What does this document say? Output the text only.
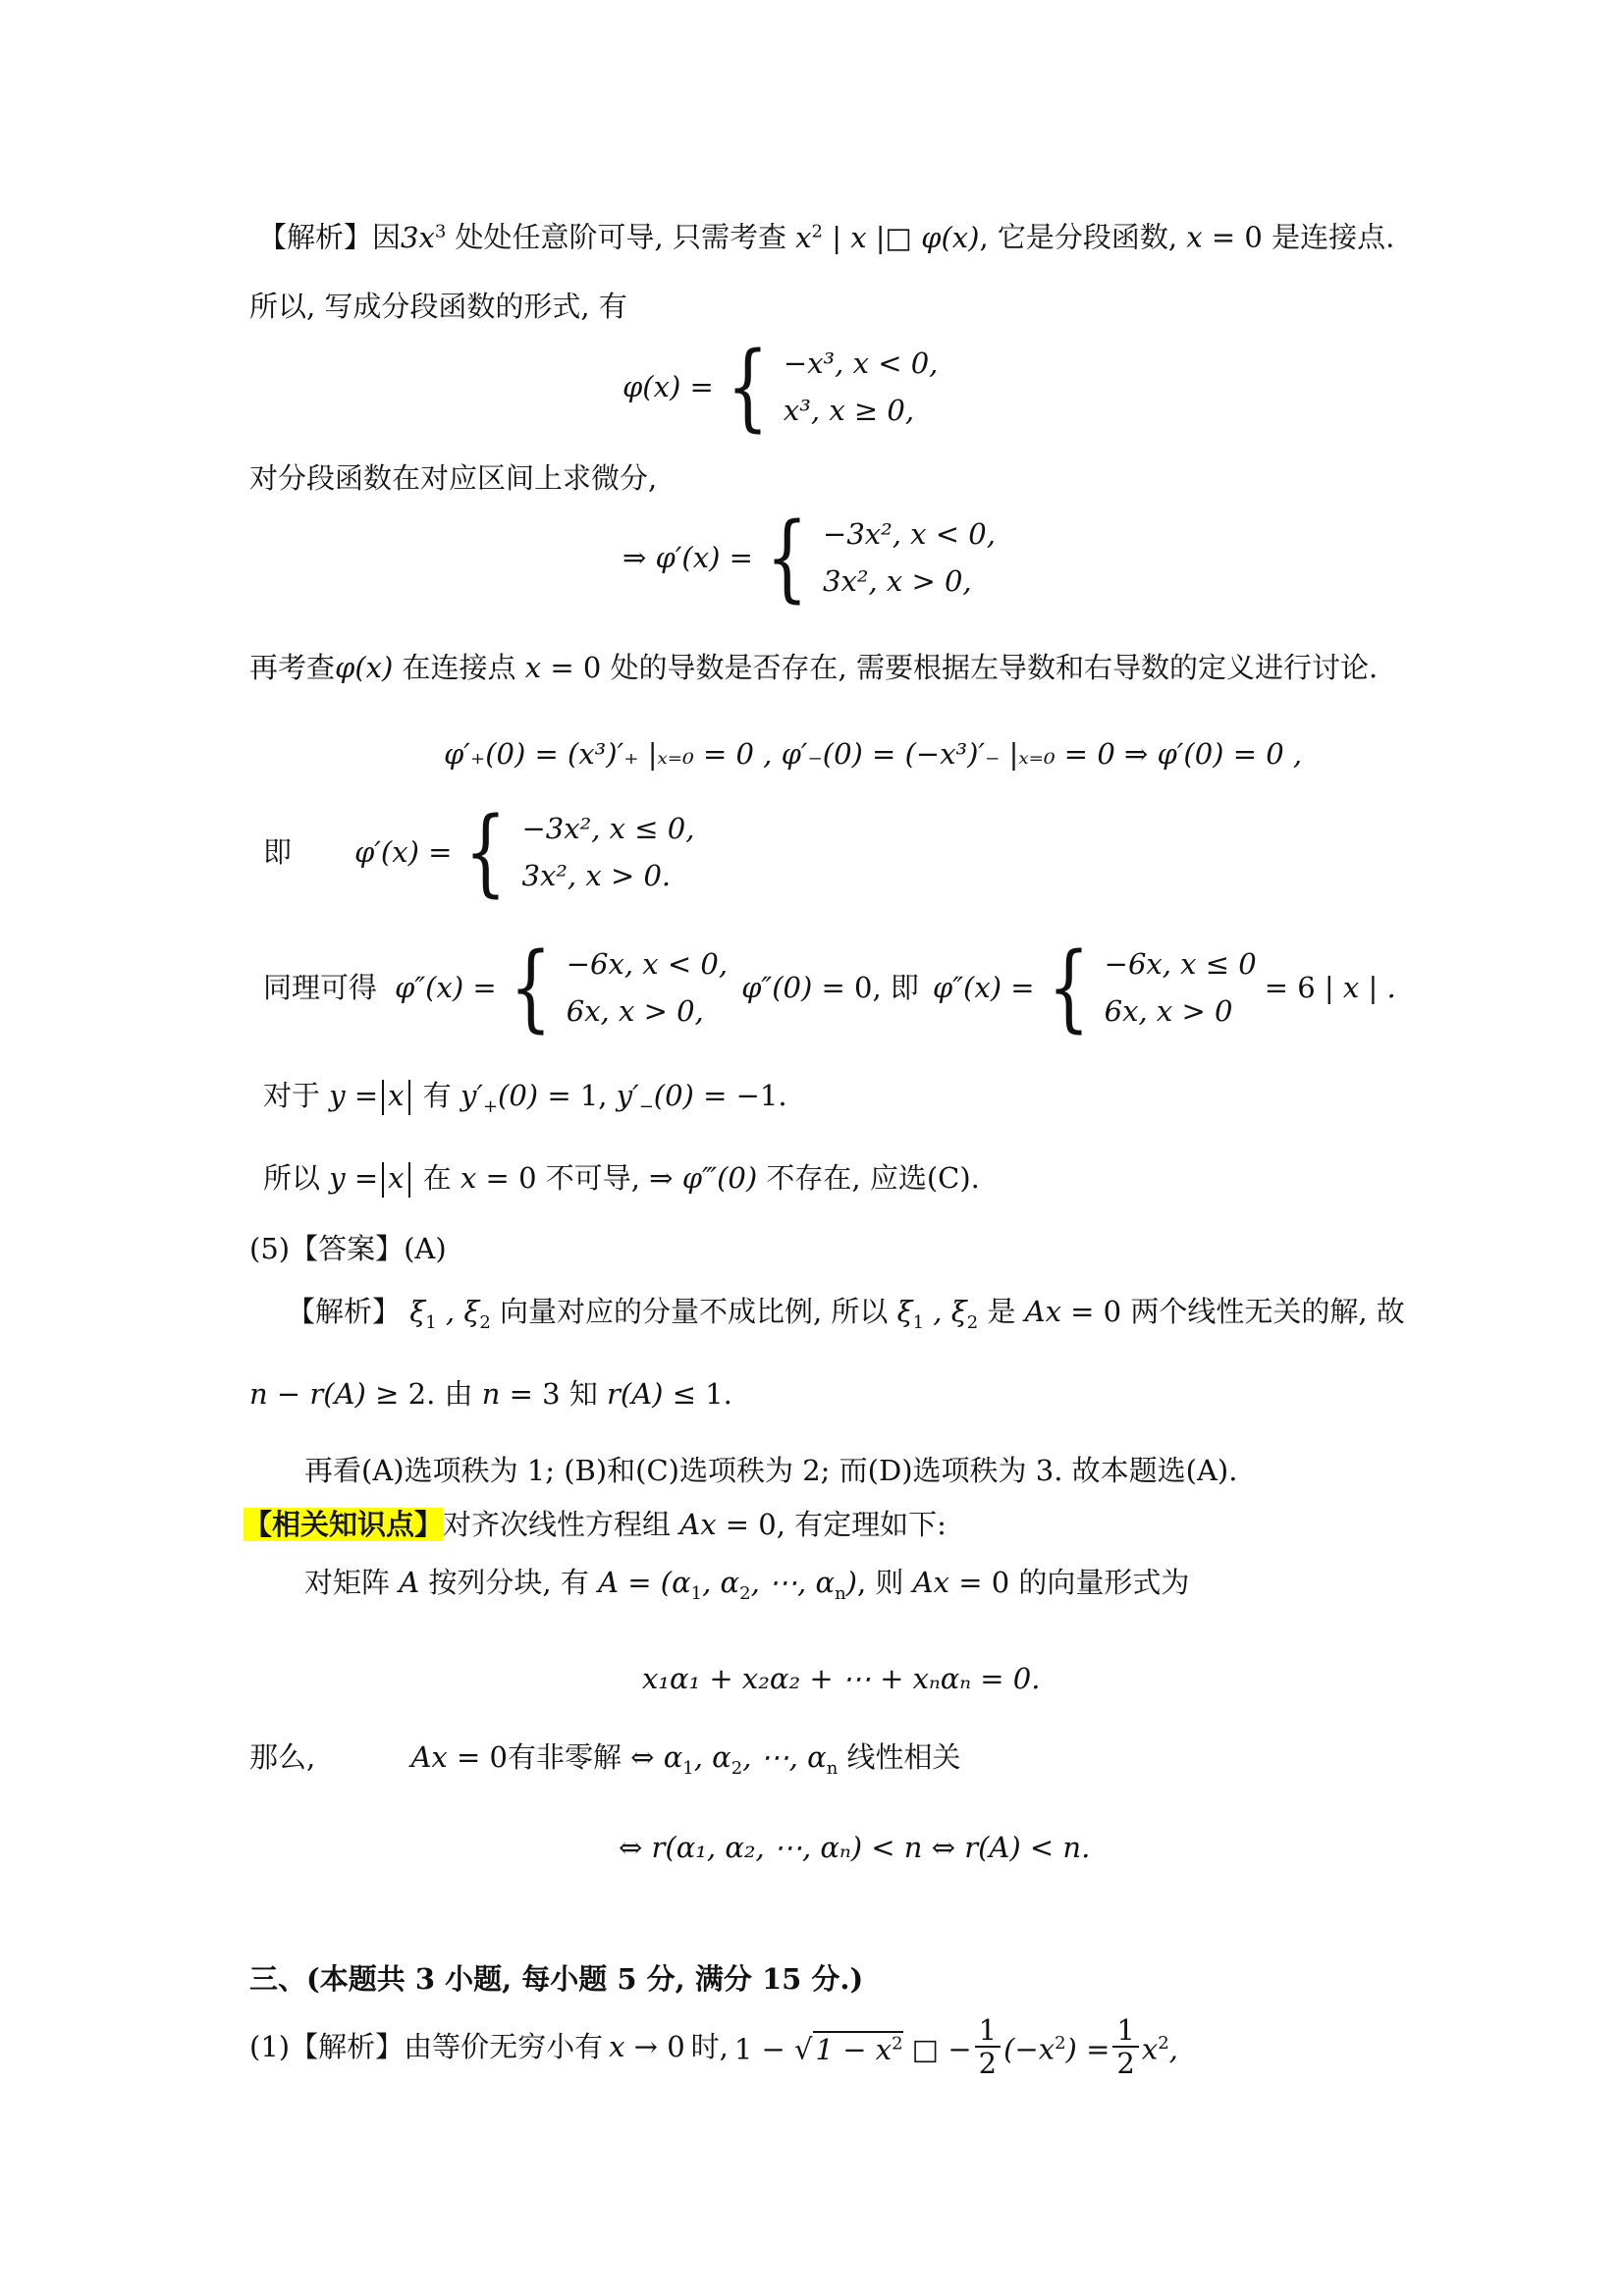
【解析】因$3x^3$ 处处任意阶可导, 只需考查 $x^2$ | x |□ φ(x), 它是分段函数, x = 0 是连接点.
所以, 写成分段函数的形式, 有
φ(x) = { −x³, x < 0,
x³, x ≥ 0,
对分段函数在对应区间上求微分,
⇒ φ′(x) = { −3x², x < 0,
3x², x > 0,
再考查φ(x) 在连接点 x = 0 处的导数是否存在, 需要根据左导数和右导数的定义进行讨论.
φ′₊(0) = (x³)′₊ |ₓ₌₀ = 0 , φ′₋(0) = (−x³)′₋ |ₓ₌₀ = 0 ⇒ φ′(0) = 0 ,
即 φ′(x) = { −3x², x ≤ 0,
3x², x > 0.
同理可得 φ″(x) = { −6x, x < 0,
6x, x > 0,
φ″(0) = 0 , 即 φ″(x) = { −6x, x ≤ 0
6x, x > 0
= 6 | x | .
对于 y = x 有 $y'_+(0) = 1$, $y'_-(0) = -1$.
所以 y = x 在 x = 0 不可导, ⇒ φ‴(0) 不存在, 应选(C).
(5)【答案】(A)
【解析】 $\xi_1$ , $\xi_2$ 向量对应的分量不成比例, 所以 $\xi_1$ , $\xi_2$ 是 Ax = 0 两个线性无关的解, 故
n − r(A) ≥ 2. 由 n = 3 知 r(A) ≤ 1.
再看(A)选项秩为 1; (B)和(C)选项秩为 2; 而(D)选项秩为 3. 故本题选(A).
【相关知识点】对齐次线性方程组 Ax = 0, 有定理如下:
对矩阵 A 按列分块, 有 $A = (\alpha_1$, $\alpha_2$, ⋯, $\alpha_n$), 则 Ax = 0 的向量形式为
x₁α₁ + x₂α₂ + ⋯ + xₙαₙ = 0.
那么,	Ax = 0有非零解 ⇔ $\alpha_1$, $\alpha_2$, ⋯, $\alpha_n$ 线性相关
⇔ r(α₁, α₂, ⋯, αₙ) < n ⇔ r(A) < n.
三、(本题共 3 小题, 每小题 5 分, 满分 15 分.)
(1)【解析】由等价无穷小有 x → 0 时, 1 − √ $1 - x^2$ □ − $\frac{1}{2} (-x^2) = \frac{1}{2} x^2$,
